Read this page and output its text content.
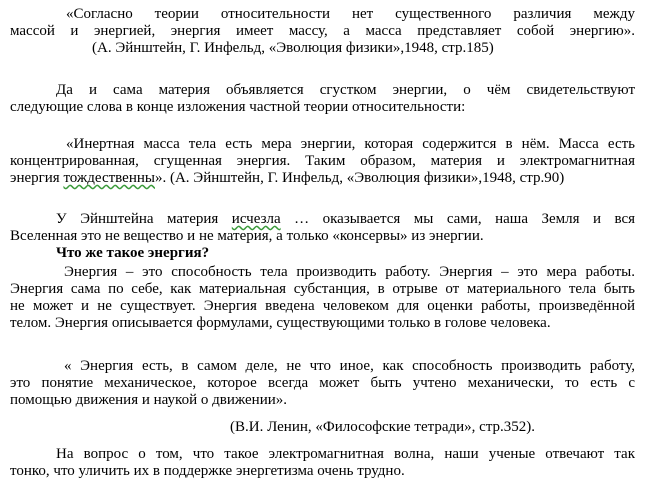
«Согласно теории относительности нет существенного различия между
массой и энергией, энергия имеет массу, а масса представляет собой энергию».
(А. Эйнштейн, Г. Инфельд, «Эволюция физики»,1948, стр.185)
Да и сама материя объявляется сгустком энергии, о чём свидетельствуют
следующие слова в конце изложения частной теории относительности:
«Инертная масса тела есть мера энергии, которая содержится в нём. Масса есть
концентрированная, сгущенная энергия. Таким образом, материя и электромагнитная
энергия тождественны». (А. Эйнштейн, Г. Инфельд, «Эволюция физики»,1948, стр.90)
У Эйнштейна материя исчезла … оказывается мы сами, наша Земля и вся
Вселенная это не вещество и не материя, а только «консервы» из энергии.
Что же такое энергия?
Энергия – это способность тела производить работу. Энергия – это мера работы.
Энергия сама по себе, как материальная субстанция, в отрыве от материального тела быть
не может и не существует. Энергия введена человеком для оценки работы, произведённой
телом. Энергия описывается формулами, существующими только в голове человека.
« Энергия есть, в самом деле, не что иное, как способность производить работу,
это понятие механическое, которое всегда может быть учтено механически, то есть с
помощью движения и наукой о движении».
(В.И. Ленин, «Философские тетради», стр.352).
На вопрос о том, что такое электромагнитная волна, наши ученые отвечают так
тонко, что уличить их в поддержке энергетизма очень трудно.
